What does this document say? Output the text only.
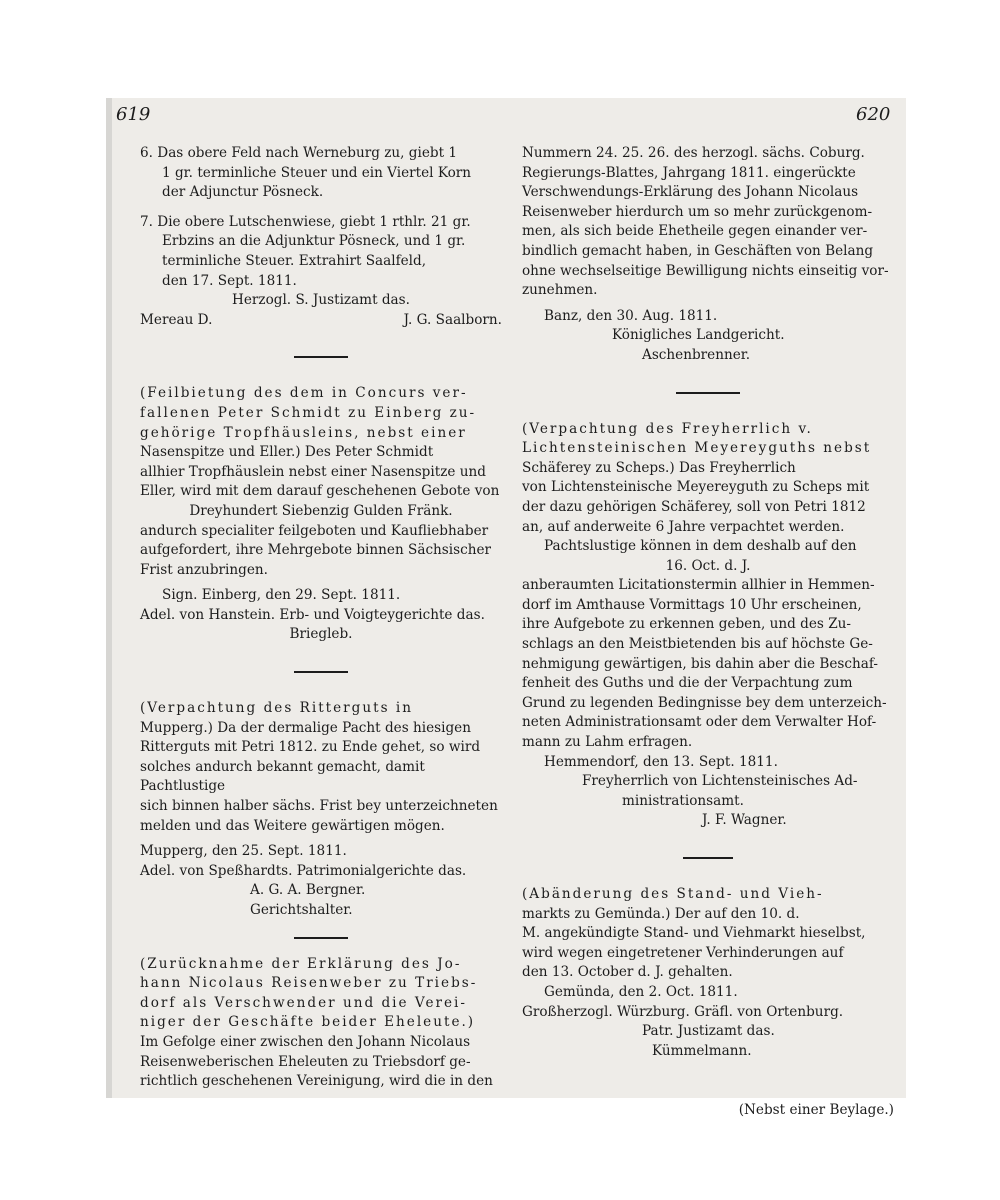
619	620

6. Das obere Feld nach Werneburg zu, giebt 1

1 gr. terminliche Steuer und ein Viertel Korn

der Adjunctur Pösneck.

7. Die obere Lutschenwiese, giebt 1 rthlr. 21 gr.

Erbzins an die Adjunktur Pösneck, und 1 gr.

terminliche Steuer. Extrahirt Saalfeld,

den 17. Sept. 1811.

Herzogl. S. Justizamt das.

Mereau D.	J. G. Saalborn.

(Feilbietung des dem in Concurs ver-

fallenen Peter Schmidt zu Einberg zu-

gehörige Tropfhäusleins, nebst einer

Nasenspitze und Eller.) Des Peter Schmidt

allhier Tropfhäuslein nebst einer Nasenspitze und

Eller, wird mit dem darauf geschehenen Gebote von

Dreyhundert Siebenzig Gulden Fränk.

andurch specialiter feilgeboten und Kaufliebhaber

aufgefordert, ihre Mehrgebote binnen Sächsischer

Frist anzubringen.

Sign. Einberg, den 29. Sept. 1811.

Adel. von Hanstein. Erb- und Voigteygerichte das.

Briegleb.

(Verpachtung des Ritterguts in

Mupperg.) Da der dermalige Pacht des hiesigen

Ritterguts mit Petri 1812. zu Ende gehet, so wird

solches andurch bekannt gemacht, damit Pachtlustige

sich binnen halber sächs. Frist bey unterzeichneten

melden und das Weitere gewärtigen mögen.

Mupperg, den 25. Sept. 1811.

Adel. von Speßhardts. Patrimonialgerichte das.

A. G. A. Bergner.

Gerichtshalter.

(Zurücknahme der Erklärung des Jo-

hann Nicolaus Reisenweber zu Triebs-

dorf als Verschwender und die Verei-

niger der Geschäfte beider Eheleute.)

Im Gefolge einer zwischen den Johann Nicolaus

Reisenweberischen Eheleuten zu Triebsdorf ge-

richtlich geschehenen Vereinigung, wird die in den

Nummern 24. 25. 26. des herzogl. sächs. Coburg.

Regierungs-Blattes, Jahrgang 1811. eingerückte

Verschwendungs-Erklärung des Johann Nicolaus

Reisenweber hierdurch um so mehr zurückgenom-

men, als sich beide Ehetheile gegen einander ver-

bindlich gemacht haben, in Geschäften von Belang

ohne wechselseitige Bewilligung nichts einseitig vor-

zunehmen.

Banz, den 30. Aug. 1811.

Königliches Landgericht.

Aschenbrenner.

(Verpachtung des Freyherrlich v.

Lichtensteinischen Meyereyguths nebst

Schäferey zu Scheps.) Das Freyherrlich

von Lichtensteinische Meyereyguth zu Scheps mit

der dazu gehörigen Schäferey, soll von Petri 1812

an, auf anderweite 6 Jahre verpachtet werden.

Pachtslustige können in dem deshalb auf den

16. Oct. d. J.

anberaumten Licitationstermin allhier in Hemmen-

dorf im Amthause Vormittags 10 Uhr erscheinen,

ihre Aufgebote zu erkennen geben, und des Zu-

schlags an den Meistbietenden bis auf höchste Ge-

nehmigung gewärtigen, bis dahin aber die Beschaf-

fenheit des Guths und die der Verpachtung zum

Grund zu legenden Bedingnisse bey dem unterzeich-

neten Administrationsamt oder dem Verwalter Hof-

mann zu Lahm erfragen.

Hemmendorf, den 13. Sept. 1811.

Freyherrlich von Lichtensteinisches Ad-

ministrationsamt.

J. F. Wagner.

(Abänderung des Stand- und Vieh-

markts zu Gemünda.) Der auf den 10. d.

M. angekündigte Stand- und Viehmarkt hieselbst,

wird wegen eingetretener Verhinderungen auf

den 13. October d. J. gehalten.

Gemünda, den 2. Oct. 1811.

Großherzogl. Würzburg. Gräfl. von Ortenburg.

Patr. Justizamt das.

Kümmelmann.

(Nebst einer Beylage.)
